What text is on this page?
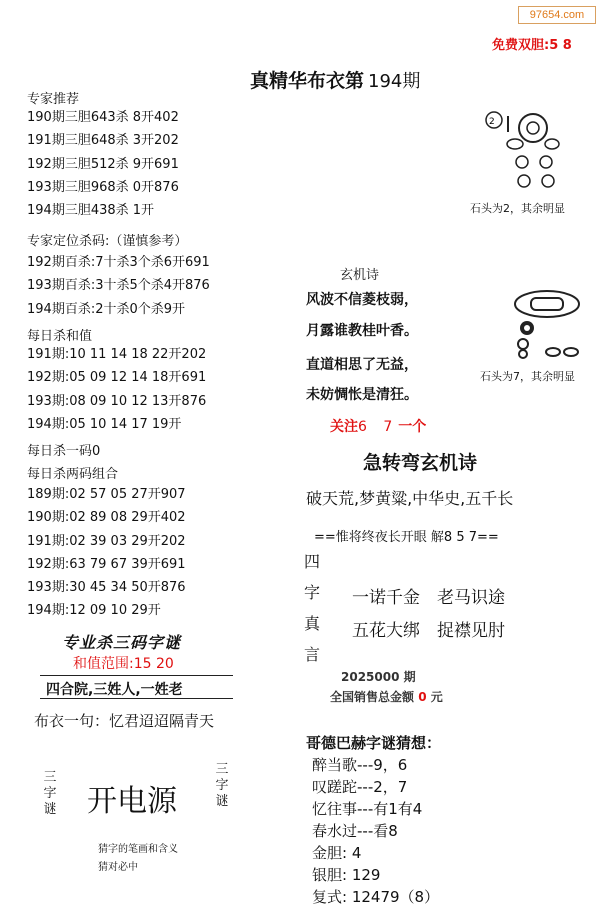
97654.com
免费双胆:5 8
真精华布衣第 194期
专家推荐
190期三胆643杀 8开402
191期三胆648杀 3开202
192期三胆512杀 9开691
193期三胆968杀 0开876
194期三胆438杀 1开
专家定位杀码:（谨慎参考）
192期百杀:7十杀3个杀6开691
193期百杀:3十杀5个杀4开876
194期百杀:2十杀0个杀9开
每日杀和值
191期:10 11 14 18 22开202
192期:05 09 12 14 18开691
193期:08 09 10 12 13开876
194期:05 10 14 17 19开
每日杀一码0
每日杀两码组合
189期:02 57 05 27开907
190期:02 89 08 29开402
191期:02 39 03 29开202
192期:63 79 67 39开691
193期:30 45 34 50开876
194期:12 09 10 29开
专业杀三码字谜
和值范围:15 20
四合院,三姓人,一姓老
布衣一句：忆君迢迢隔青天
三字谜 开电源
三字谜
猜字的笔画和含义
猜对必中
2
石头为2，其余明显
石头为7，其余明显
玄机诗
风波不信菱枝弱，
月露谁教桂叶香。
直道相思了无益，
未妨惆怅是清狂。
关注6 7一个
急转弯玄机诗
破天荒,梦黄粱,中华史,五千长
==惟将终夜长开眼 解8 5 7==
四字真言
一诺千金　老马识途
五花大绑　捉襟见肘
2025000 期
全国销售总金额 0 元
哥德巴赫字谜猜想：
醉当歌---9，6
叹蹉跎---2，7
忆往事---有1有4
春水过---看8
金胆: 4
银胆: 129
复式: 12479（8）
